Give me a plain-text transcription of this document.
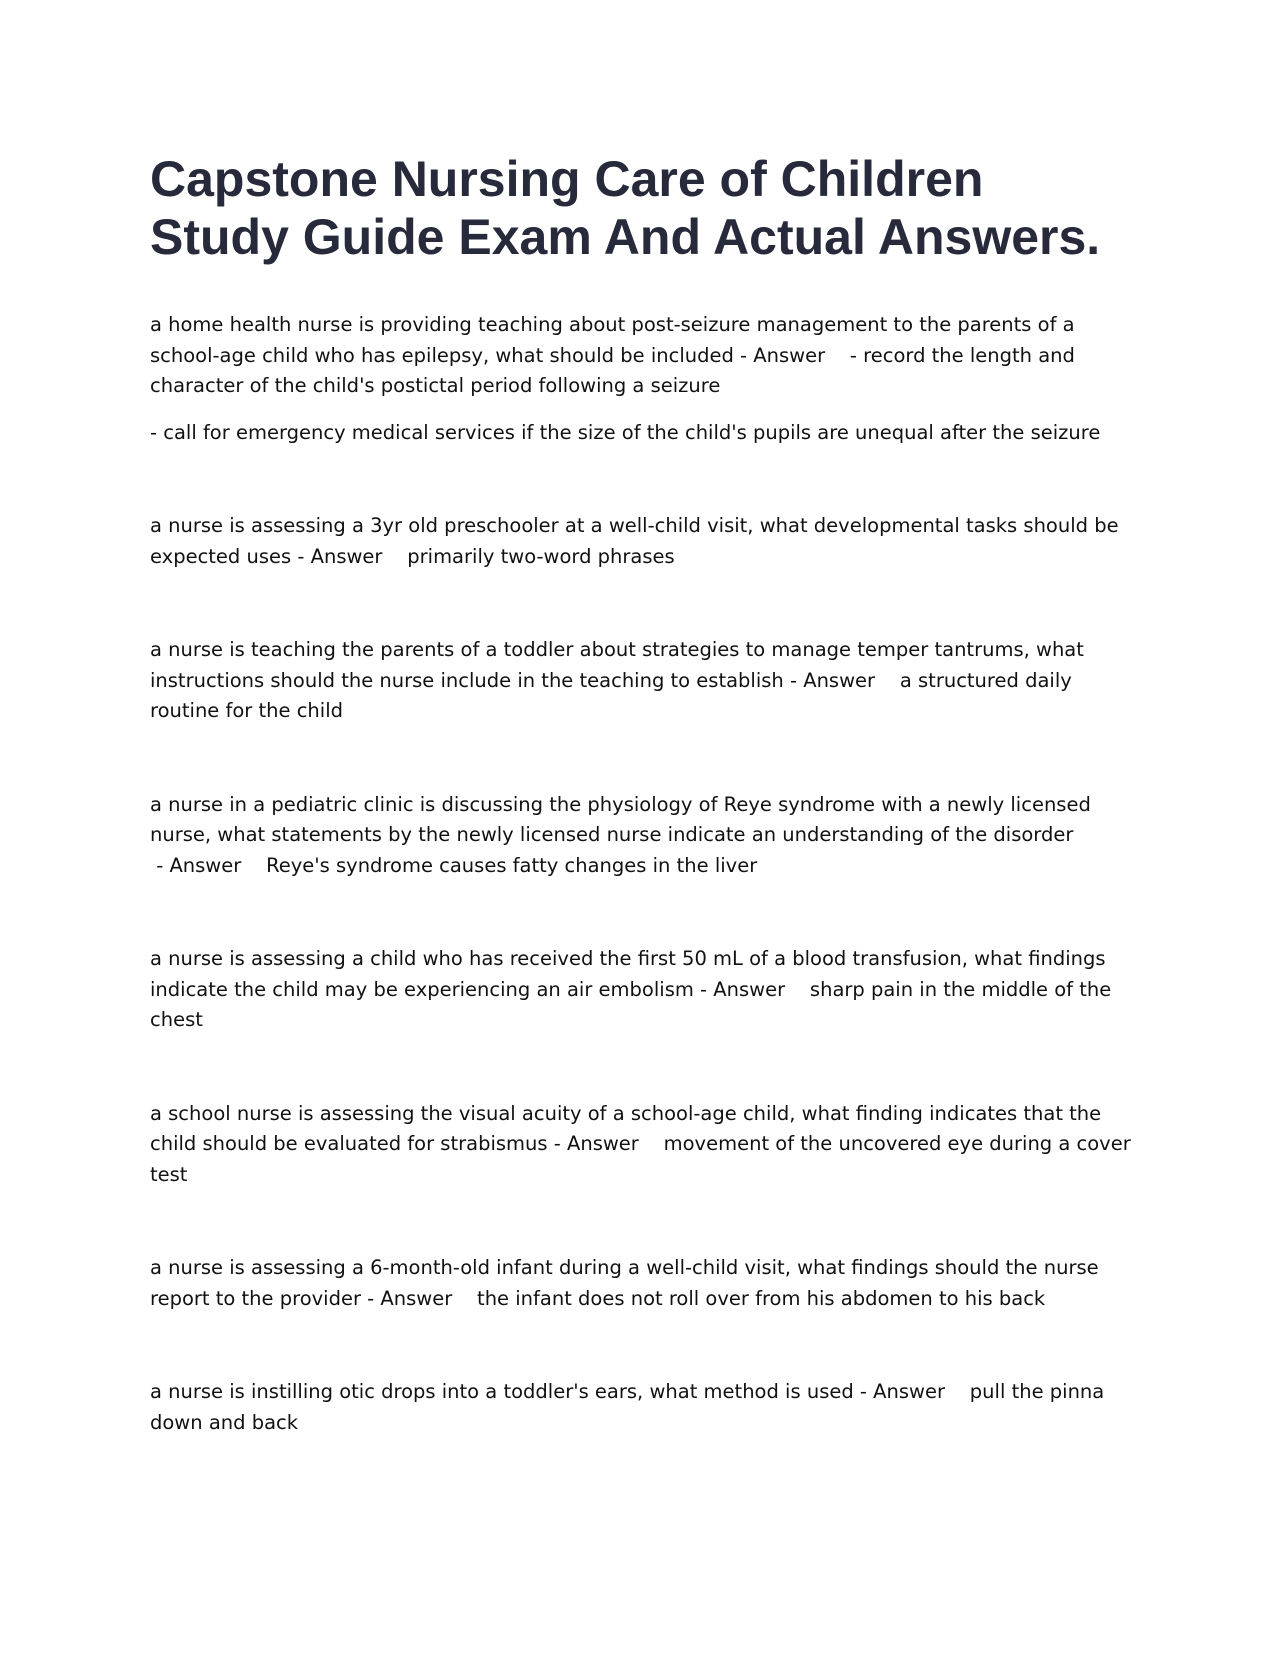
Capstone Nursing Care of Children
Study Guide Exam And Actual Answers.

a home health nurse is providing teaching about post-seizure management to the parents of a school-age child who has epilepsy, what should be included - Answer - record the length and character of the child's postictal period following a seizure

- call for emergency medical services if the size of the child's pupils are unequal after the seizure

a nurse is assessing a 3yr old preschooler at a well-child visit, what developmental tasks should be expected uses - Answer primarily two-word phrases

a nurse is teaching the parents of a toddler about strategies to manage temper tantrums, what instructions should the nurse include in the teaching to establish - Answer a structured daily routine for the child

a nurse in a pediatric clinic is discussing the physiology of Reye syndrome with a newly licensed nurse, what statements by the newly licensed nurse indicate an understanding of the disorder - Answer Reye's syndrome causes fatty changes in the liver

a nurse is assessing a child who has received the first 50 mL of a blood transfusion, what findings indicate the child may be experiencing an air embolism - Answer sharp pain in the middle of the chest

a school nurse is assessing the visual acuity of a school-age child, what finding indicates that the child should be evaluated for strabismus - Answer movement of the uncovered eye during a cover test

a nurse is assessing a 6-month-old infant during a well-child visit, what findings should the nurse report to the provider - Answer the infant does not roll over from his abdomen to his back

a nurse is instilling otic drops into a toddler's ears, what method is used - Answer pull the pinna down and back
